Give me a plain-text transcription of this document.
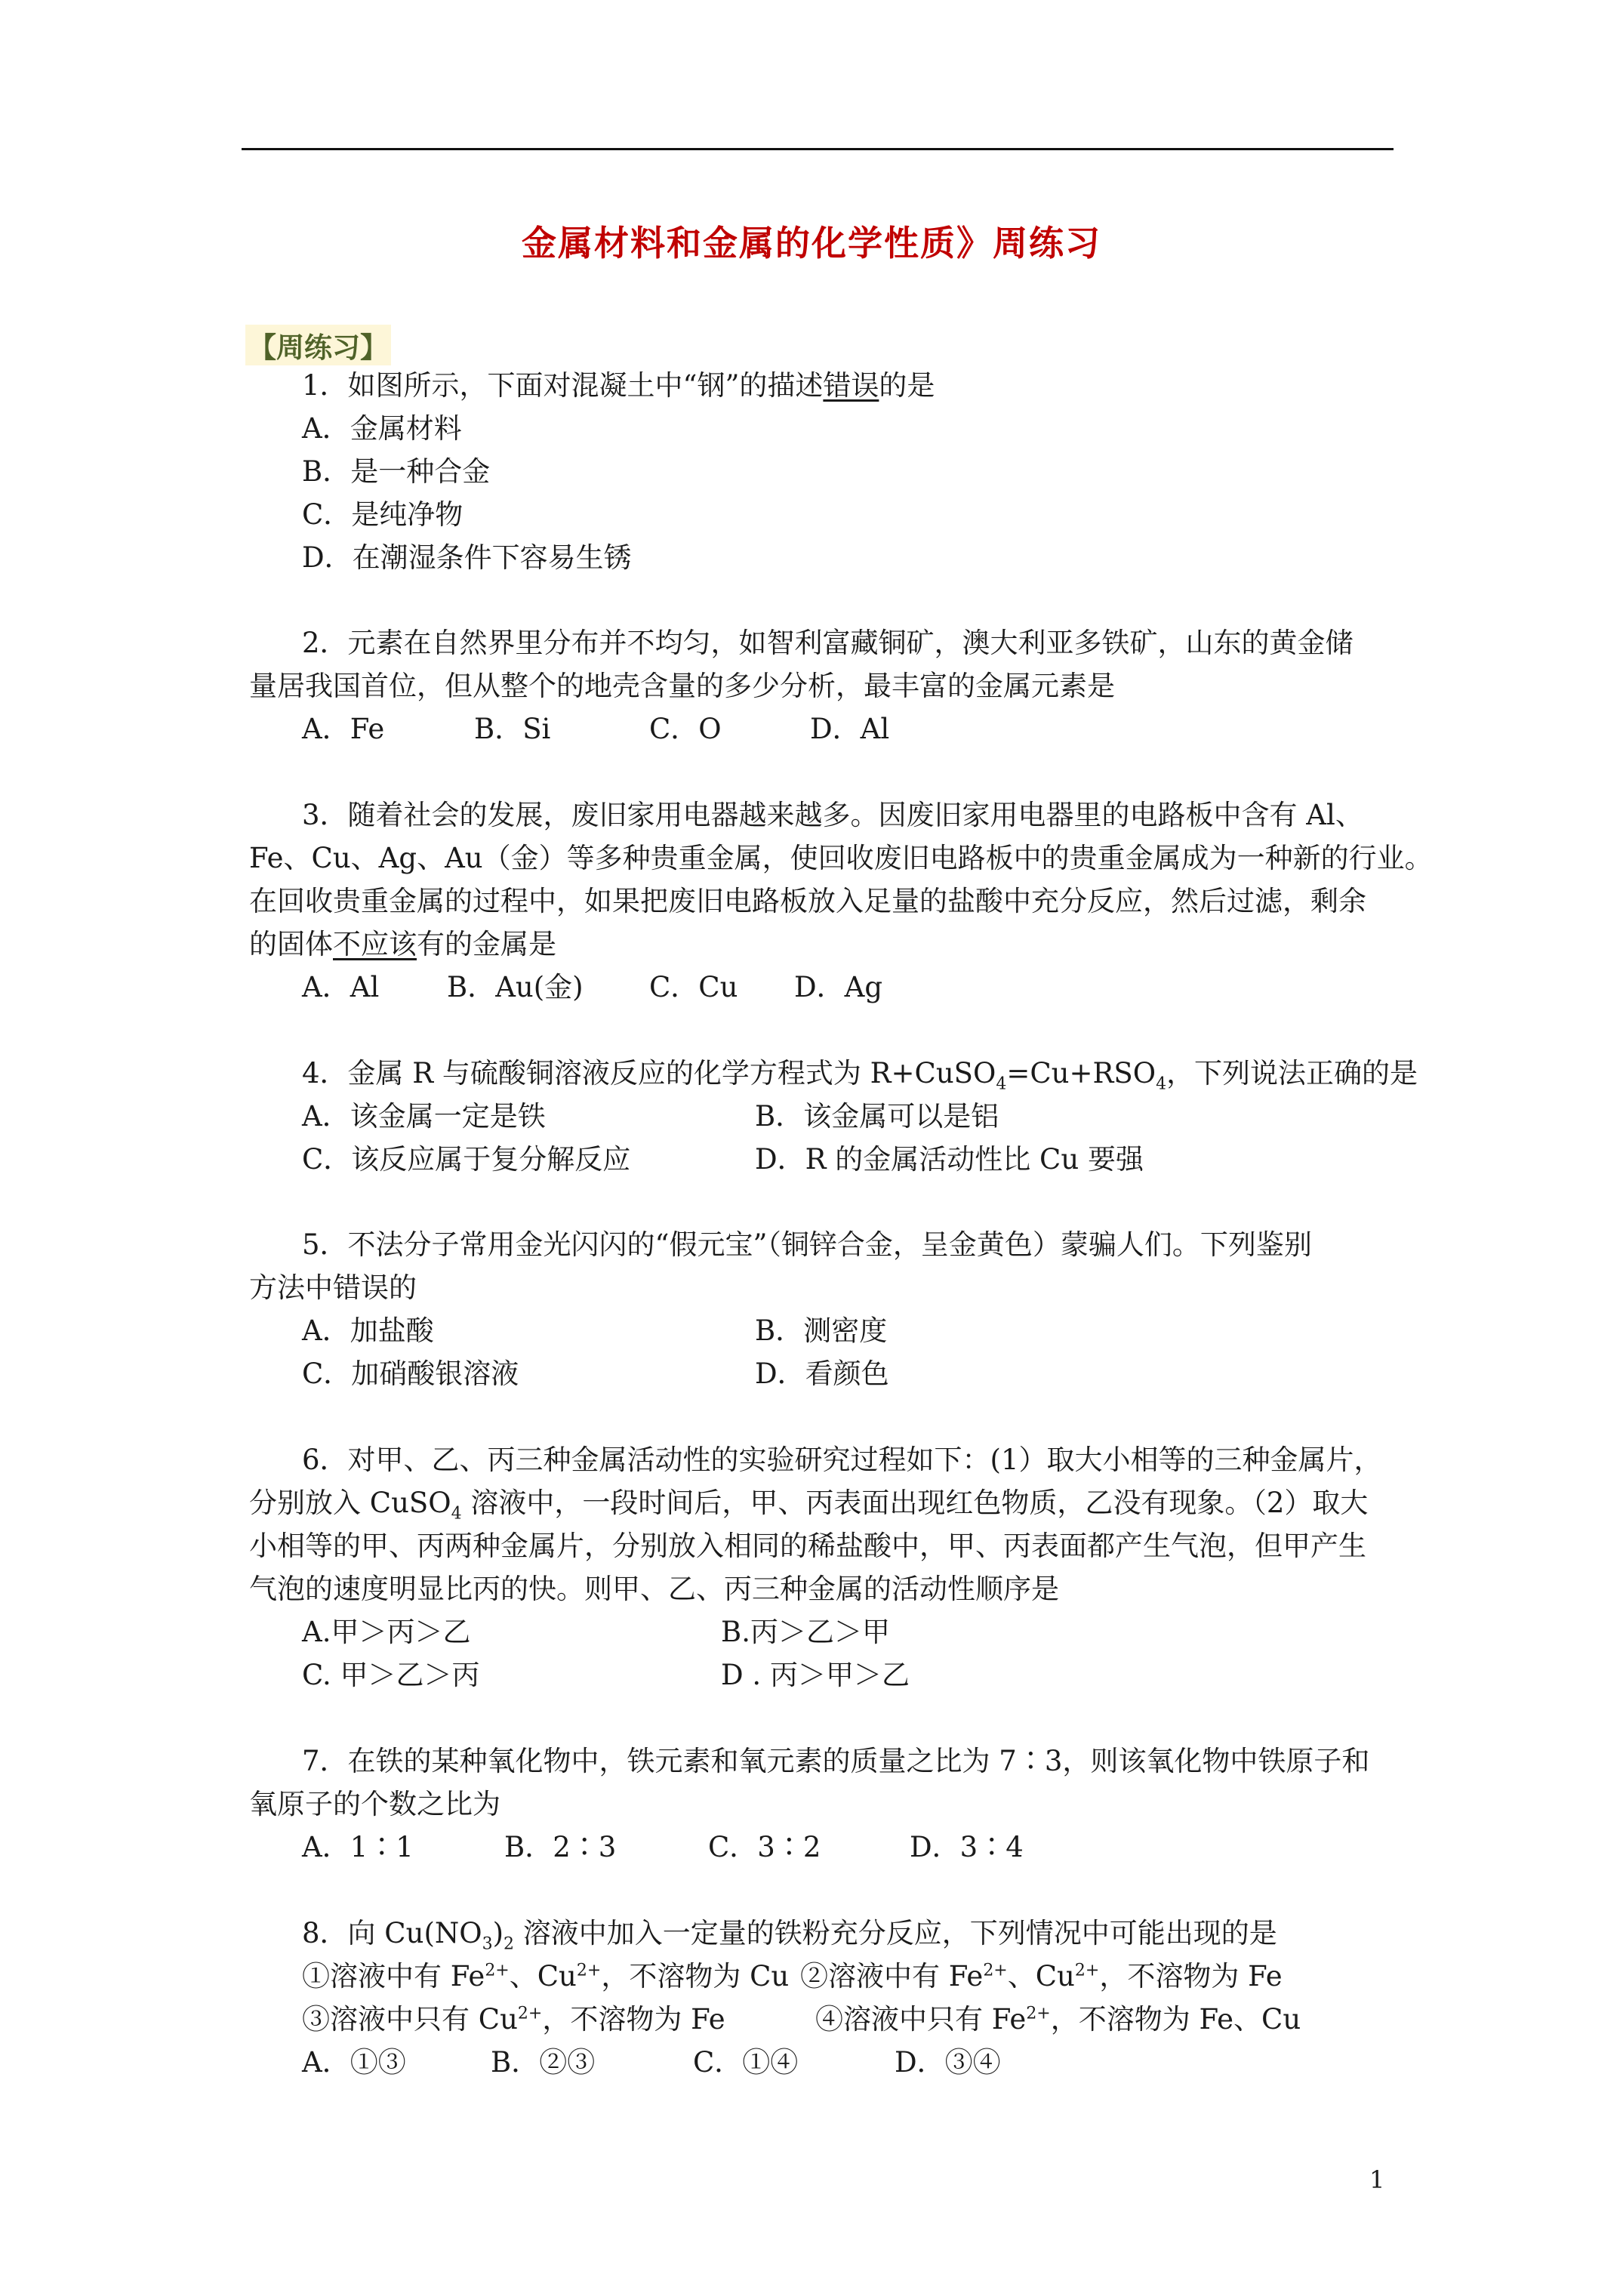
金属材料和金属的化学性质》周练习
【周练习】
1．如图所示，下面对混凝土中“钢”的描述错误的是
A．金属材料
B．是一种合金
C．是纯净物
D．在潮湿条件下容易生锈
2．元素在自然界里分布并不均匀，如智利富藏铜矿，澳大利亚多铁矿，山东的黄金储
量居我国首位，但从整个的地壳含量的多少分析，最丰富的金属元素是
A．Fe	B．Si	C．O	D．Al
3．随着社会的发展，废旧家用电器越来越多。因废旧家用电器里的电路板中含有 Al、
Fe、Cu、Ag、Au（金）等多种贵重金属，使回收废旧电路板中的贵重金属成为一种新的行业。
在回收贵重金属的过程中，如果把废旧电路板放入足量的盐酸中充分反应，然后过滤，剩余
的固体不应该有的金属是
A．Al B．Au(金) C．Cu D．Ag
4．金属 R 与硫酸铜溶液反应的化学方程式为 $R+CuSO_4=Cu+RSO_4$，下列说法正确的是
A．该金属一定是铁	B．该金属可以是铝
C．该反应属于复分解反应	D．R 的金属活动性比 Cu 要强
5．不法分子常用金光闪闪的“假元宝”（铜锌合金，呈金黄色）蒙骗人们。下列鉴别
方法中错误的
A．加盐酸	B．测密度
C．加硝酸银溶液	D．看颜色
6．对甲、乙、丙三种金属活动性的实验研究过程如下：(1）取大小相等的三种金属片，
分别放入 CuSO$_4$ 溶液中，一段时间后，甲、丙表面出现红色物质，乙没有现象。（2）取大
小相等的甲、丙两种金属片，分别放入相同的稀盐酸中，甲、丙表面都产生气泡，但甲产生
气泡的速度明显比丙的快。则甲、乙、丙三种金属的活动性顺序是
A.甲＞丙＞乙	B.丙＞乙＞甲
C. 甲＞乙＞丙	D . 丙＞甲＞乙
7．在铁的某种氧化物中，铁元素和氧元素的质量之比为 7∶3，则该氧化物中铁原子和
氧原子的个数之比为
A．1∶1	B．2∶3	C．3∶2	D．3∶4
8．向 $Cu(NO_3)_2$ 溶液中加入一定量的铁粉充分反应，下列情况中可能出现的是
①溶液中有 $Fe^{2+}$、$Cu^{2+}$，不溶物为 Cu ②溶液中有 $Fe^{2+}$、$Cu^{2+}$，不溶物为 Fe
③溶液中只有 $Cu^{2+}$，不溶物为 Fe	④溶液中只有 $Fe^{2+}$，不溶物为 Fe、Cu
A．①③	B．②③	C．①④	D．③④
1
